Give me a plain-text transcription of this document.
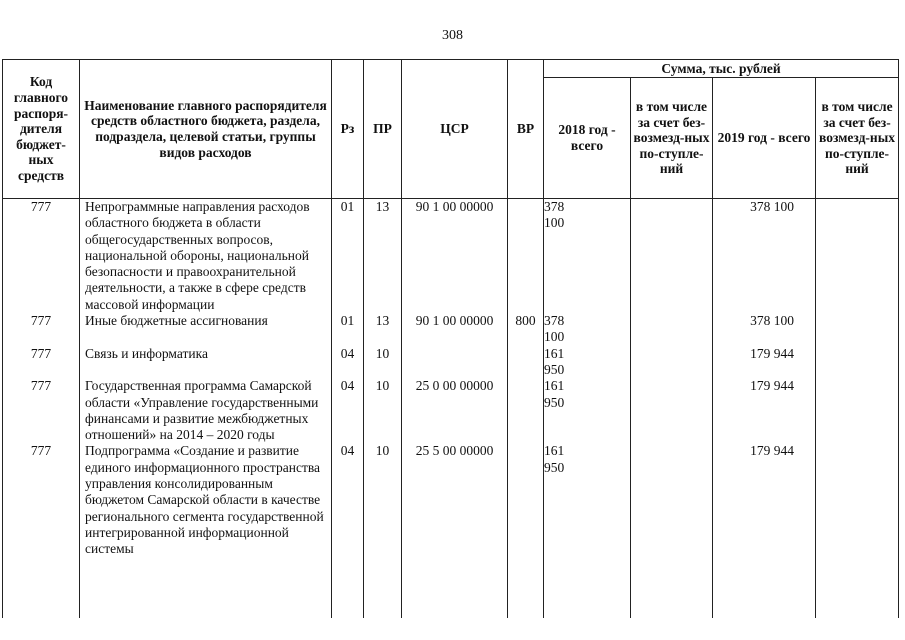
308
Код главного распоря-дителя бюджет-ных средств	Наименование главного распорядителя средств областного бюджета, раздела, подраздела, целевой статьи, группы видов расходов	Рз	ПР	ЦСР	ВР	Сумма, тыс. рублей			
						2018 год - всего	в том числе за счет без-возмезд-ных по-ступле-ний	2019 год - всего	в том числе за счет без-возмезд-ных по-ступле-ний
777	Непрограммные направления расходов областного бюджета в области общегосударственных вопросов, национальной обороны, национальной безопасности и правоохранительной деятельности, а также в сфере средств массовой информации	01	13	90 1 00 00000		378 100		378 100	
777	Иные бюджетные ассигнования	01	13	90 1 00 00000	800	378 100		378 100	
777	Связь и информатика	04	10			161 950		179 944	
777	Государственная программа Самарской области «Управление государственными финансами и развитие межбюджетных отношений» на 2014 – 2020 годы	04	10	25 0 00 00000		161 950		179 944	
777	Подпрограмма «Создание и развитие единого информационного пространства управления консолидированным бюджетом Самарской области в качестве регионального сегмента государственной интегрированной информационной системы	04	10	25 5 00 00000		161 950		179 944	
